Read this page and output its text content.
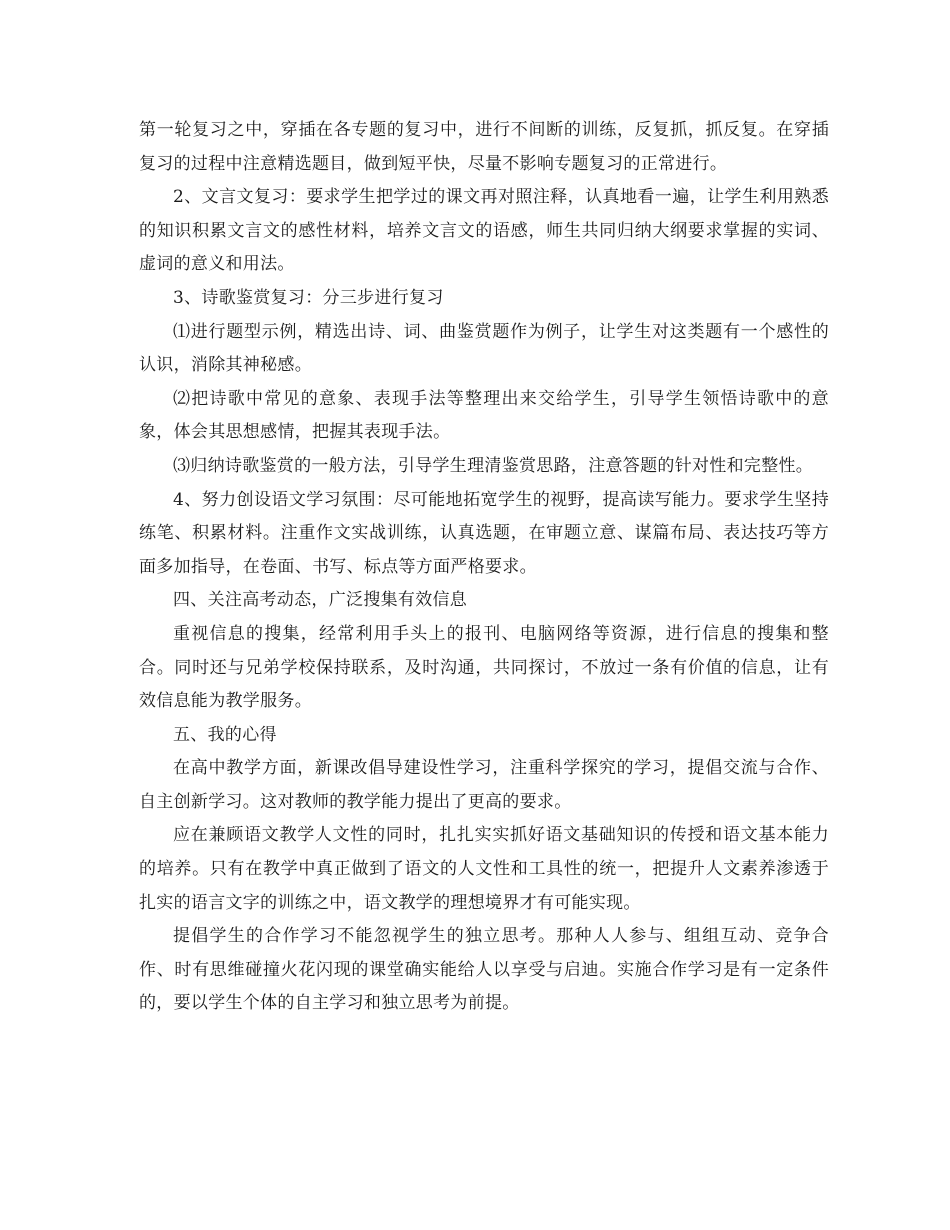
第一轮复习之中，穿插在各专题的复习中，进行不间断的训练，反复抓，抓反复。在穿插复习的过程中注意精选题目，做到短平快，尽量不影响专题复习的正常进行。

2、文言文复习：要求学生把学过的课文再对照注释，认真地看一遍，让学生利用熟悉的知识积累文言文的感性材料，培养文言文的语感，师生共同归纳大纲要求掌握的实词、虚词的意义和用法。

3、诗歌鉴赏复习：分三步进行复习

⑴进行题型示例，精选出诗、词、曲鉴赏题作为例子，让学生对这类题有一个感性的认识，消除其神秘感。

⑵把诗歌中常见的意象、表现手法等整理出来交给学生，引导学生领悟诗歌中的意象，体会其思想感情，把握其表现手法。

⑶归纳诗歌鉴赏的一般方法，引导学生理清鉴赏思路，注意答题的针对性和完整性。

4、努力创设语文学习氛围：尽可能地拓宽学生的视野，提高读写能力。要求学生坚持练笔、积累材料。注重作文实战训练，认真选题，在审题立意、谋篇布局、表达技巧等方面多加指导，在卷面、书写、标点等方面严格要求。

四、关注高考动态，广泛搜集有效信息

重视信息的搜集，经常利用手头上的报刊、电脑网络等资源，进行信息的搜集和整合。同时还与兄弟学校保持联系，及时沟通，共同探讨，不放过一条有价值的信息，让有效信息能为教学服务。

五、我的心得

在高中教学方面，新课改倡导建设性学习，注重科学探究的学习，提倡交流与合作、自主创新学习。这对教师的教学能力提出了更高的要求。

应在兼顾语文教学人文性的同时，扎扎实实抓好语文基础知识的传授和语文基本能力的培养。只有在教学中真正做到了语文的人文性和工具性的统一，把提升人文素养渗透于扎实的语言文字的训练之中，语文教学的理想境界才有可能实现。

提倡学生的合作学习不能忽视学生的独立思考。那种人人参与、组组互动、竞争合作、时有思维碰撞火花闪现的课堂确实能给人以享受与启迪。实施合作学习是有一定条件的，要以学生个体的自主学习和独立思考为前提。
